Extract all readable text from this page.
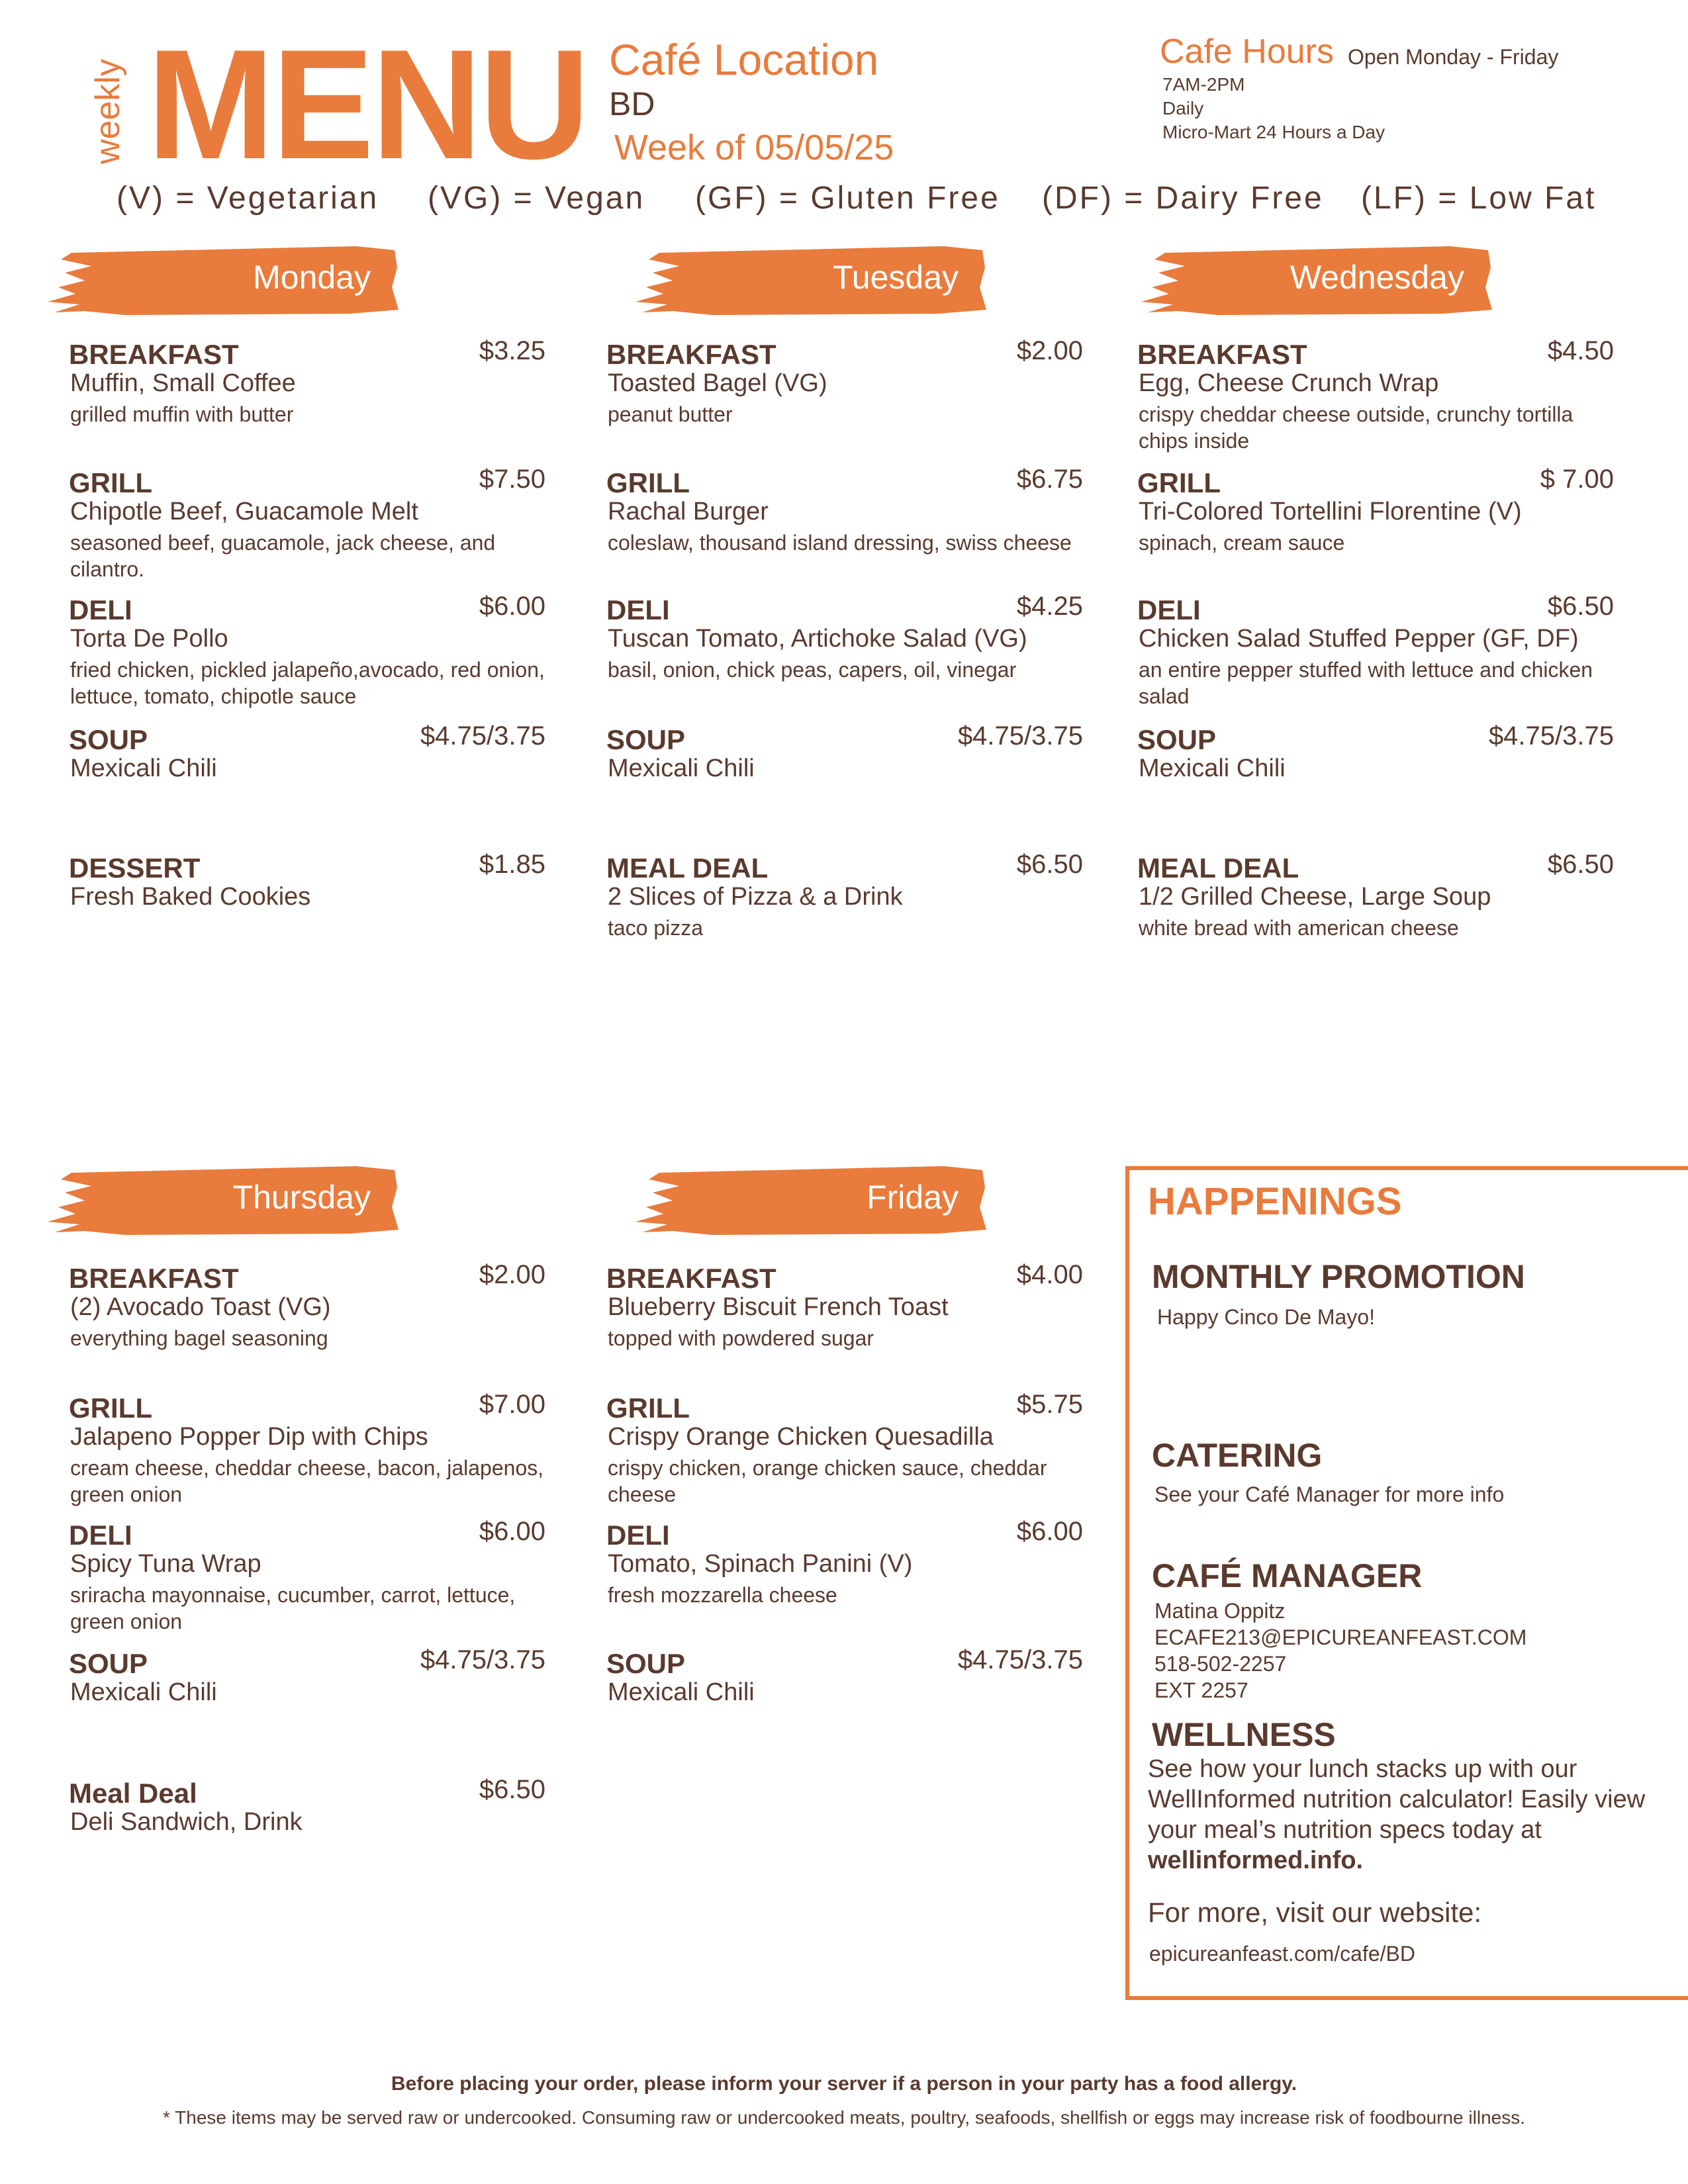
weekly MENU Café Location
BD
Week of 05/05/25
Cafe Hours Open Monday - Friday
7AM-2PM
Daily
Micro-Mart 24 Hours a Day
(V) = Vegetarian (VG) = Vegan (GF) = Gluten Free (DF) = Dairy Free (LF) = Low Fat
Monday	Tuesday	Wednesday
Thursday	Friday
BREAKFAST	$3.25
Muffin, Small Coffee
grilled muffin with butter
GRILL	$7.50
Chipotle Beef, Guacamole Melt
seasoned beef, guacamole, jack cheese, and cilantro.
DELI	$6.00
Torta De Pollo
fried chicken, pickled jalapeño,avocado, red onion, lettuce, tomato, chipotle sauce
SOUP	$4.75/3.75
Mexicali Chili
DESSERT	$1.85
Fresh Baked Cookies
BREAKFAST	$2.00
Toasted Bagel (VG)
peanut butter
GRILL	$6.75
Rachal Burger
coleslaw, thousand island dressing, swiss cheese
DELI	$4.25
Tuscan Tomato, Artichoke Salad (VG)
basil, onion, chick peas, capers, oil, vinegar
SOUP	$4.75/3.75
Mexicali Chili
MEAL DEAL	$6.50
2 Slices of Pizza & a Drink
taco pizza
BREAKFAST	$4.50
Egg, Cheese Crunch Wrap
crispy cheddar cheese outside, crunchy tortilla chips inside
GRILL	$ 7.00
Tri-Colored Tortellini Florentine (V)
spinach, cream sauce
DELI	$6.50
Chicken Salad Stuffed Pepper (GF, DF)
an entire pepper stuffed with lettuce and chicken salad
SOUP	$4.75/3.75
Mexicali Chili
MEAL DEAL	$6.50
1/2 Grilled Cheese, Large Soup
white bread with american cheese
BREAKFAST	$2.00
(2) Avocado Toast (VG)
everything bagel seasoning
GRILL	$7.00
Jalapeno Popper Dip with Chips
cream cheese, cheddar cheese, bacon, jalapenos, green onion
DELI	$6.00
Spicy Tuna Wrap
sriracha mayonnaise, cucumber, carrot, lettuce, green onion
SOUP	$4.75/3.75
Mexicali Chili
Meal Deal	$6.50
Deli Sandwich, Drink
BREAKFAST	$4.00
Blueberry Biscuit French Toast
topped with powdered sugar
GRILL	$5.75
Crispy Orange Chicken Quesadilla
crispy chicken, orange chicken sauce, cheddar cheese
DELI	$6.00
Tomato, Spinach Panini (V)
fresh mozzarella cheese
SOUP	$4.75/3.75
Mexicali Chili
HAPPENINGS
MONTHLY PROMOTION
Happy Cinco De Mayo!
CATERING
See your Café Manager for more info
CAFÉ MANAGER
Matina Oppitz
ECAFE213@EPICUREANFEAST.COM
518-502-2257
EXT 2257
WELLNESS
See how your lunch stacks up with our WellInformed nutrition calculator! Easily view your meal’s nutrition specs today at wellinformed.info.
For more, visit our website:
epicureanfeast.com/cafe/BD
Before placing your order, please inform your server if a person in your party has a food allergy.
* These items may be served raw or undercooked. Consuming raw or undercooked meats, poultry, seafoods, shellfish or eggs may increase risk of foodbourne illness.
